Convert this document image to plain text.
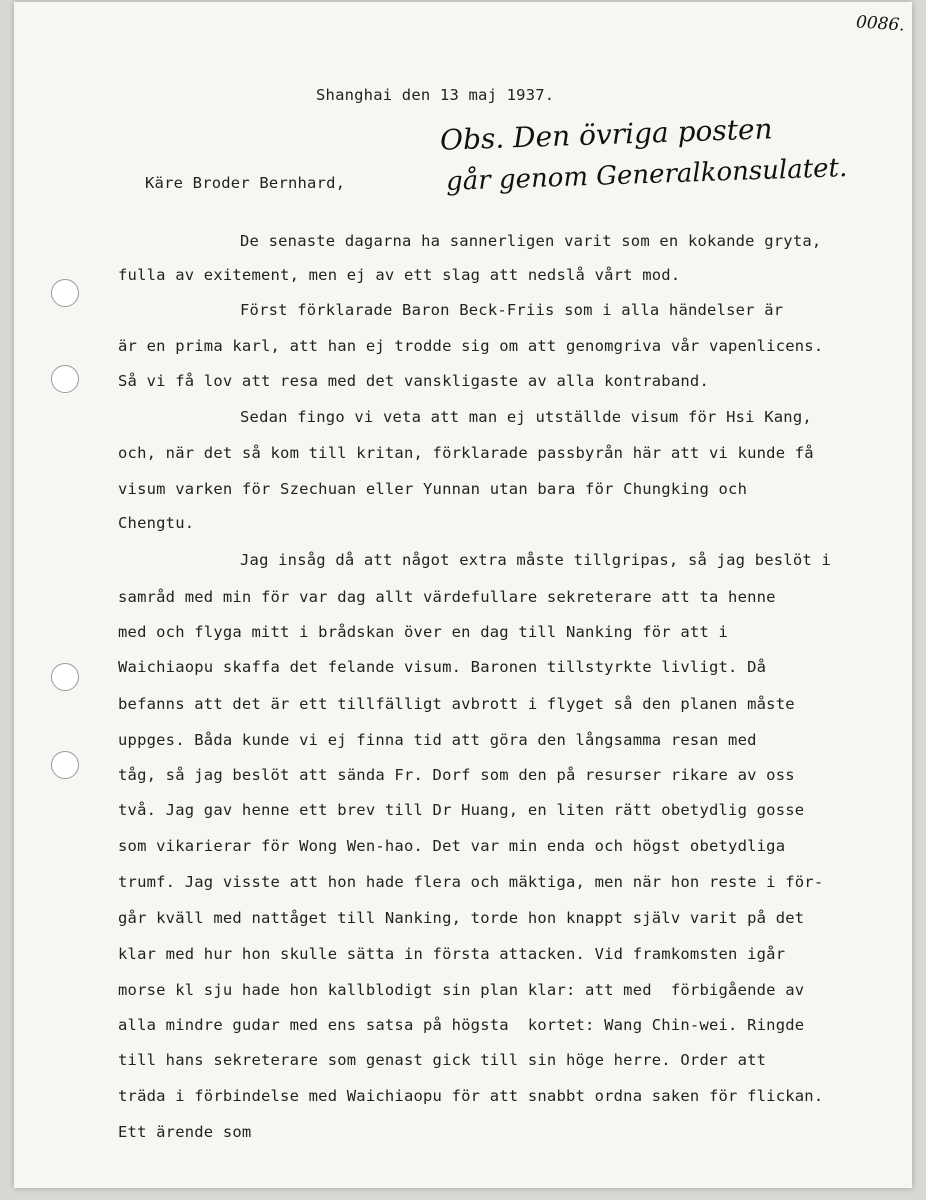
0086.
Shanghai den 13 maj 1937.
Obs. Den övriga posten
går genom Generalkonsulatet.
Käre Broder Bernhard,
De senaste dagarna ha sannerligen varit som en kokande gryta,
fulla av exitement, men ej av ett slag att nedslå vårt mod.
Först förklarade Baron Beck-Friis som i alla händelser är
är en prima karl, att han ej trodde sig om att genomgriva vår vapenlicens.
Så vi få lov att resa med det vanskligaste av alla kontraband.
Sedan fingo vi veta att man ej utställde visum för Hsi Kang,
och, när det så kom till kritan, förklarade passbyrån här att vi kunde få
visum varken för Szechuan eller Yunnan utan bara för Chungking och
Chengtu.
Jag insåg då att något extra måste tillgripas, så jag beslöt i
samråd med min för var dag allt värdefullare sekreterare att ta henne
med och flyga mitt i brådskan över en dag till Nanking för att i
Waichiaopu skaffa det felande visum. Baronen tillstyrkte livligt. Då
befanns att det är ett tillfälligt avbrott i flyget så den planen måste
uppges. Båda kunde vi ej finna tid att göra den långsamma resan med
tåg, så jag beslöt att sända Fr. Dorf som den på resurser rikare av oss
två. Jag gav henne ett brev till Dr Huang, en liten rätt obetydlig gosse
som vikarierar för Wong Wen-hao. Det var min enda och högst obetydliga
trumf. Jag visste att hon hade flera och mäktiga, men när hon reste i för-
går kväll med nattåget till Nanking, torde hon knappt själv varit på det
klar med hur hon skulle sätta in första attacken. Vid framkomsten igår
morse kl sju hade hon kallblodigt sin plan klar: att med  förbigående av
alla mindre gudar med ens satsa på högsta  kortet: Wang Chin-wei. Ringde
till hans sekreterare som genast gick till sin höge herre. Order att
träda i förbindelse med Waichiaopu för att snabbt ordna saken för flickan.
Ett ärende som
